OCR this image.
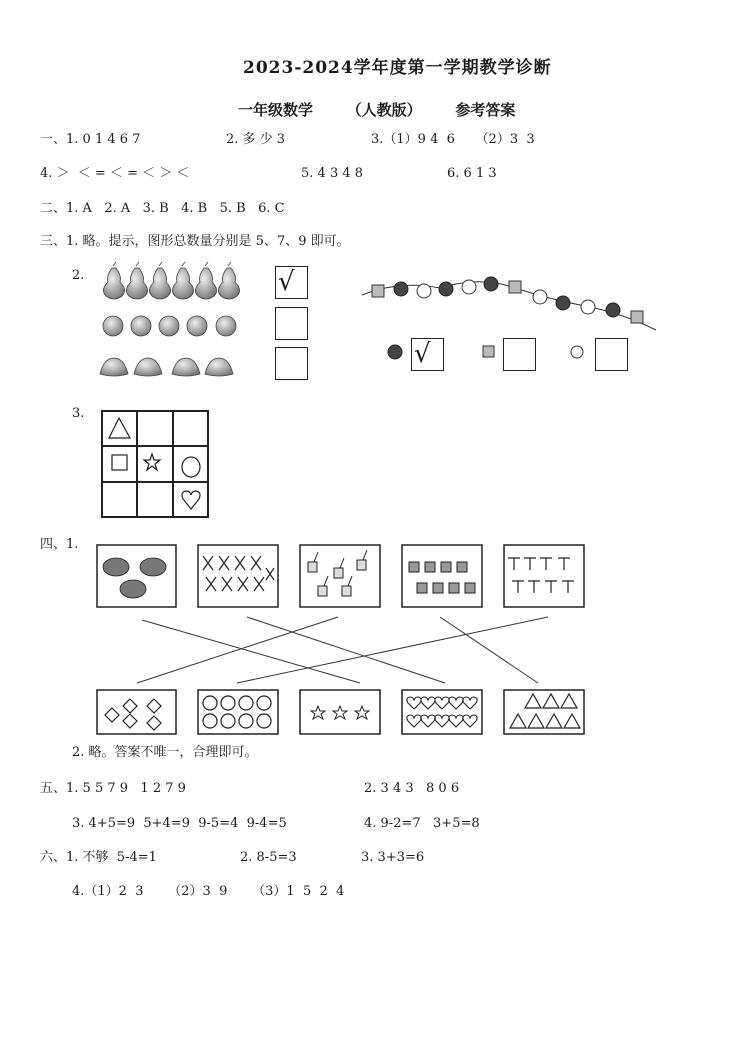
2023-2024学年度第一学期教学诊断
一年级数学   （人教版）   参考答案
一、1. 0 1 4 6 7	2. 多 少 3	3.（1）9 4  6     （2）3  3
4. ＞  ＜ = ＜ = ＜ ＞ ＜	5. 4 3 4 8	6. 6 1 3
二、1. A   2. A   3. B   4. B   5. B   6. C
三、1. 略。提示，图形总数量分别是 5、7、9 即可。
2.	√
√
3.
四、1.
2. 略。答案不唯一，合理即可。
五、1. 5 5 7 9   1 2 7 9	2. 3 4 3   8 0 6
3. 4+5=9  5+4=9  9-5=4  9-4=5	4. 9-2=7   3+5=8
六、1. 不够  5-4=1	2. 8-5=3	3. 3+3=6
4.（1）2  3      （2）3  9      （3）1  5  2  4
